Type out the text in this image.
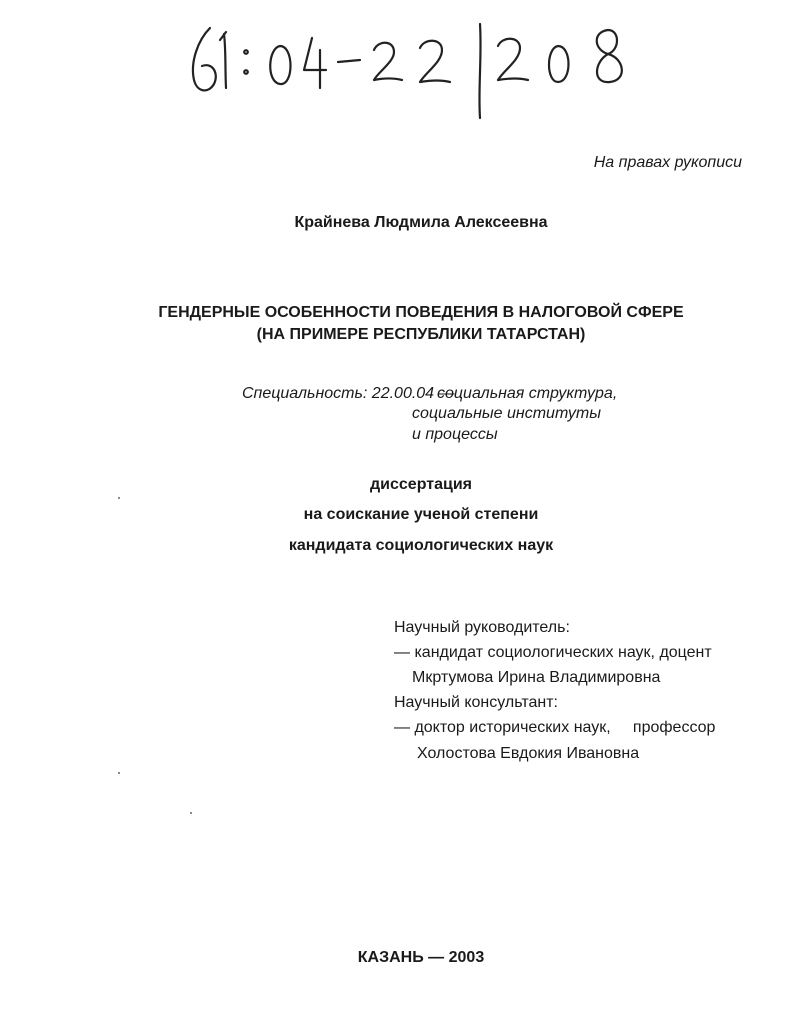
На правах рукописи
Крайнева Людмила Алексеевна
ГЕНДЕРНЫЕ ОСОБЕННОСТИ ПОВЕДЕНИЯ В НАЛОГОВОЙ СФЕРЕ
(НА ПРИМЕРЕ РЕСПУБЛИКИ ТАТАРСТАН)
Специальность: 22.00.04 —
социальная структура,
социальные институты
и процессы
диссертация
на соискание ученой степени
кандидата социологических наук
Научный руководитель:
— кандидат социологических наук, доцент
Мкртумова Ирина Владимировна
Научный консультант:
— доктор исторических наук,     профессор
Холостова Евдокия Ивановна
КАЗАНЬ — 2003
